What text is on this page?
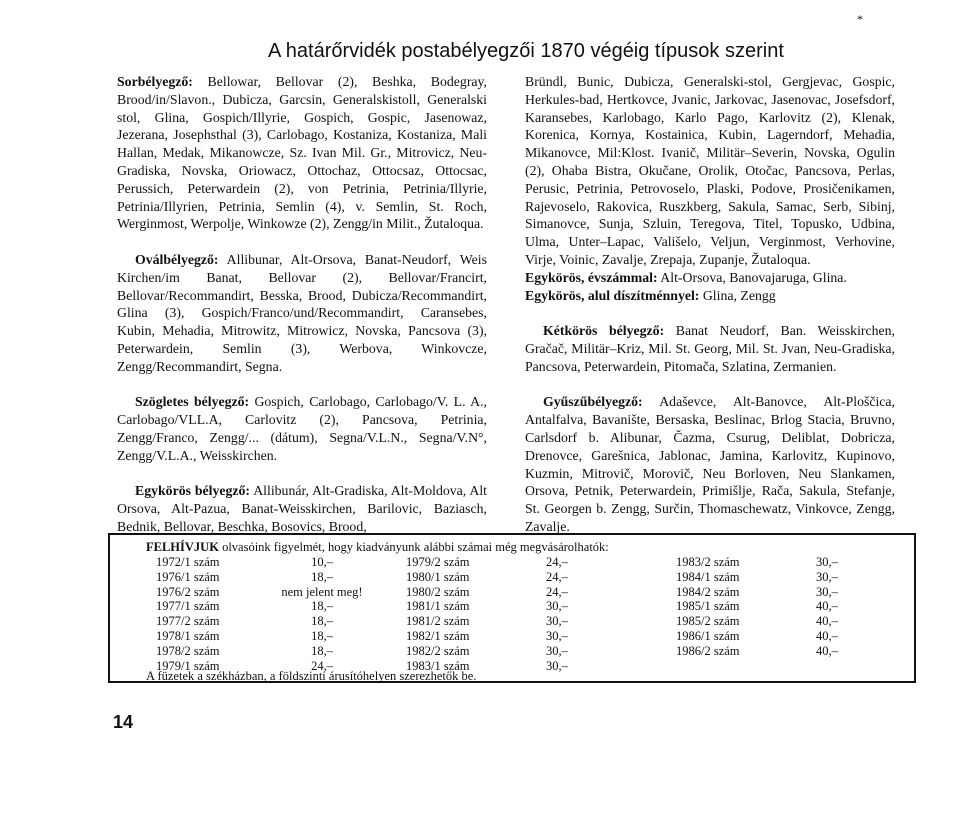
*
A határőrvidék postabélyegzői 1870 végéig típusok szerint

Sorbélyegző: Bellowar, Bellovar (2), Beshka, Bodegray, Brood/in/Slavon., Dubicza, Garcsin, Generalskistoll, Generalski stol, Glina, Gospich/Illyrie, Gospich, Gospic, Jasenowaz, Jezerana, Josephsthal (3), Carlobago, Kostaniza, Kostaniza, Mali Hallan, Medak, Mikanowcze, Sz. Ivan Mil. Gr., Mitrovicz, Neu-Gradiska, Novska, Oriowacz, Ottochaz, Ottocsaz, Ottocsac, Perussich, Peterwardein (2), von Petrinia, Petrinia/Illyrie, Petrinia/Illyrien, Petrinia, Semlin (4), v. Semlin, St. Roch, Werginmost, Werpolje, Winkowze (2), Zengg/in Milit., Žutaloqua.

Oválbélyegző: Allibunar, Alt-Orsova, Banat-Neudorf, Weis Kirchen/im Banat, Bellovar (2), Bellovar/Francirt, Bellovar/Recommandirt, Besska, Brood, Dubicza/Recommandirt, Glina (3), Gospich/Franco/und/Recommandirt, Caransebes, Kubin, Mehadia, Mitrowitz, Mitrowicz, Novska, Pancsova (3), Peterwardein, Semlin (3), Werbova, Winkovcze, Zengg/Recommandirt, Segna.

Szögletes bélyegző: Gospich, Carlobago, Carlobago/V. L. A., Carlobago/VLL.A, Carlovitz (2), Pancsova, Petrinia, Zengg/Franco, Zengg/... (dátum), Segna/V.L.N., Segna/V.N°, Zengg/V.L.A., Weisskirchen.

Egykörös bélyegző: Allibunár, Alt-Gradiska, Alt-Moldova, Alt Orsova, Alt-Pazua, Banat-Weisskirchen, Barilovic, Baziasch, Bednik, Bellovar, Beschka, Bosovics, Brood,

Bründl, Bunic, Dubicza, Generalski-stol, Gergjevac, Gospic, Herkules-bad, Hertkovce, Jvanic, Jarkovac, Jasenovac, Josefsdorf, Karansebes, Karlobago, Karlo Pago, Karlovitz (2), Klenak, Korenica, Kornya, Kostainica, Kubin, Lagerndorf, Mehadia, Mikanovce, Mil:Klost. Ivanič, Militär–Severin, Novska, Ogulin (2), Ohaba Bistra, Okučane, Orolik, Otočac, Pancsova, Perlas, Perusic, Petrinia, Petrovoselo, Plaski, Podove, Prosičenikamen, Rajevoselo, Rakovica, Ruszkberg, Sakula, Samac, Serb, Sibinj, Simanovce, Sunja, Szluin, Teregova, Titel, Topusko, Udbina, Ulma, Unter–Lapac, Vališelo, Veljun, Verginmost, Verhovine, Virje, Voinic, Zavalje, Zrepaja, Zupanje, Žutaloqua.

Egykörös, évszámmal: Alt-Orsova, Banovajaruga, Glina.

Egykörös, alul díszítménnyel: Glina, Zengg

Kétkörös bélyegző: Banat Neudorf, Ban. Weisskirchen, Gračač, Militär–Kriz, Mil. St. Georg, Mil. St. Jvan, Neu-Gradiska, Pancsova, Peterwardein, Pitomača, Szlatina, Zermanien.

Gyűszűbélyegző: Adaševce, Alt-Banovce, Alt-Ploščica, Antalfalva, Bavanište, Bersaska, Beslinac, Brlog Stacia, Bruvno, Carlsdorf b. Alibunar, Čazma, Csurug, Deliblat, Dobricza, Drenovce, Garešnica, Jablonac, Jamina, Karlovitz, Kupinovo, Kuzmin, Mitrovič, Morovič, Neu Borloven, Neu Slankamen, Orsova, Petnik, Peterwardein, Primišlje, Rača, Sakula, Stefanje, St. Georgen b. Zengg, Surčin, Thomaschewatz, Vinkovce, Zengg, Zavalje.

FELHÍVJUK olvasóink figyelmét, hogy kiadványunk alábbi számai még megvásárolhatók:
1972/1 szám	10,–	1979/2 szám	24,–	1983/2 szám	30,–
1976/1 szám	18,–	1980/1 szám	24,–	1984/1 szám	30,–
1976/2 szám	nem jelent meg!	1980/2 szám	24,–	1984/2 szám	30,–
1977/1 szám	18,–	1981/1 szám	30,–	1985/1 szám	40,–
1977/2 szám	18,–	1981/2 szám	30,–	1985/2 szám	40,–
1978/1 szám	18,–	1982/1 szám	30,–	1986/1 szám	40,–
1978/2 szám	18,–	1982/2 szám	30,–	1986/2 szám	40,–
1979/1 szám	24,–	1983/1 szám	30,–		
A füzetek a székházban, a földszinti árusítóhelyen szerezhetők be.
14
